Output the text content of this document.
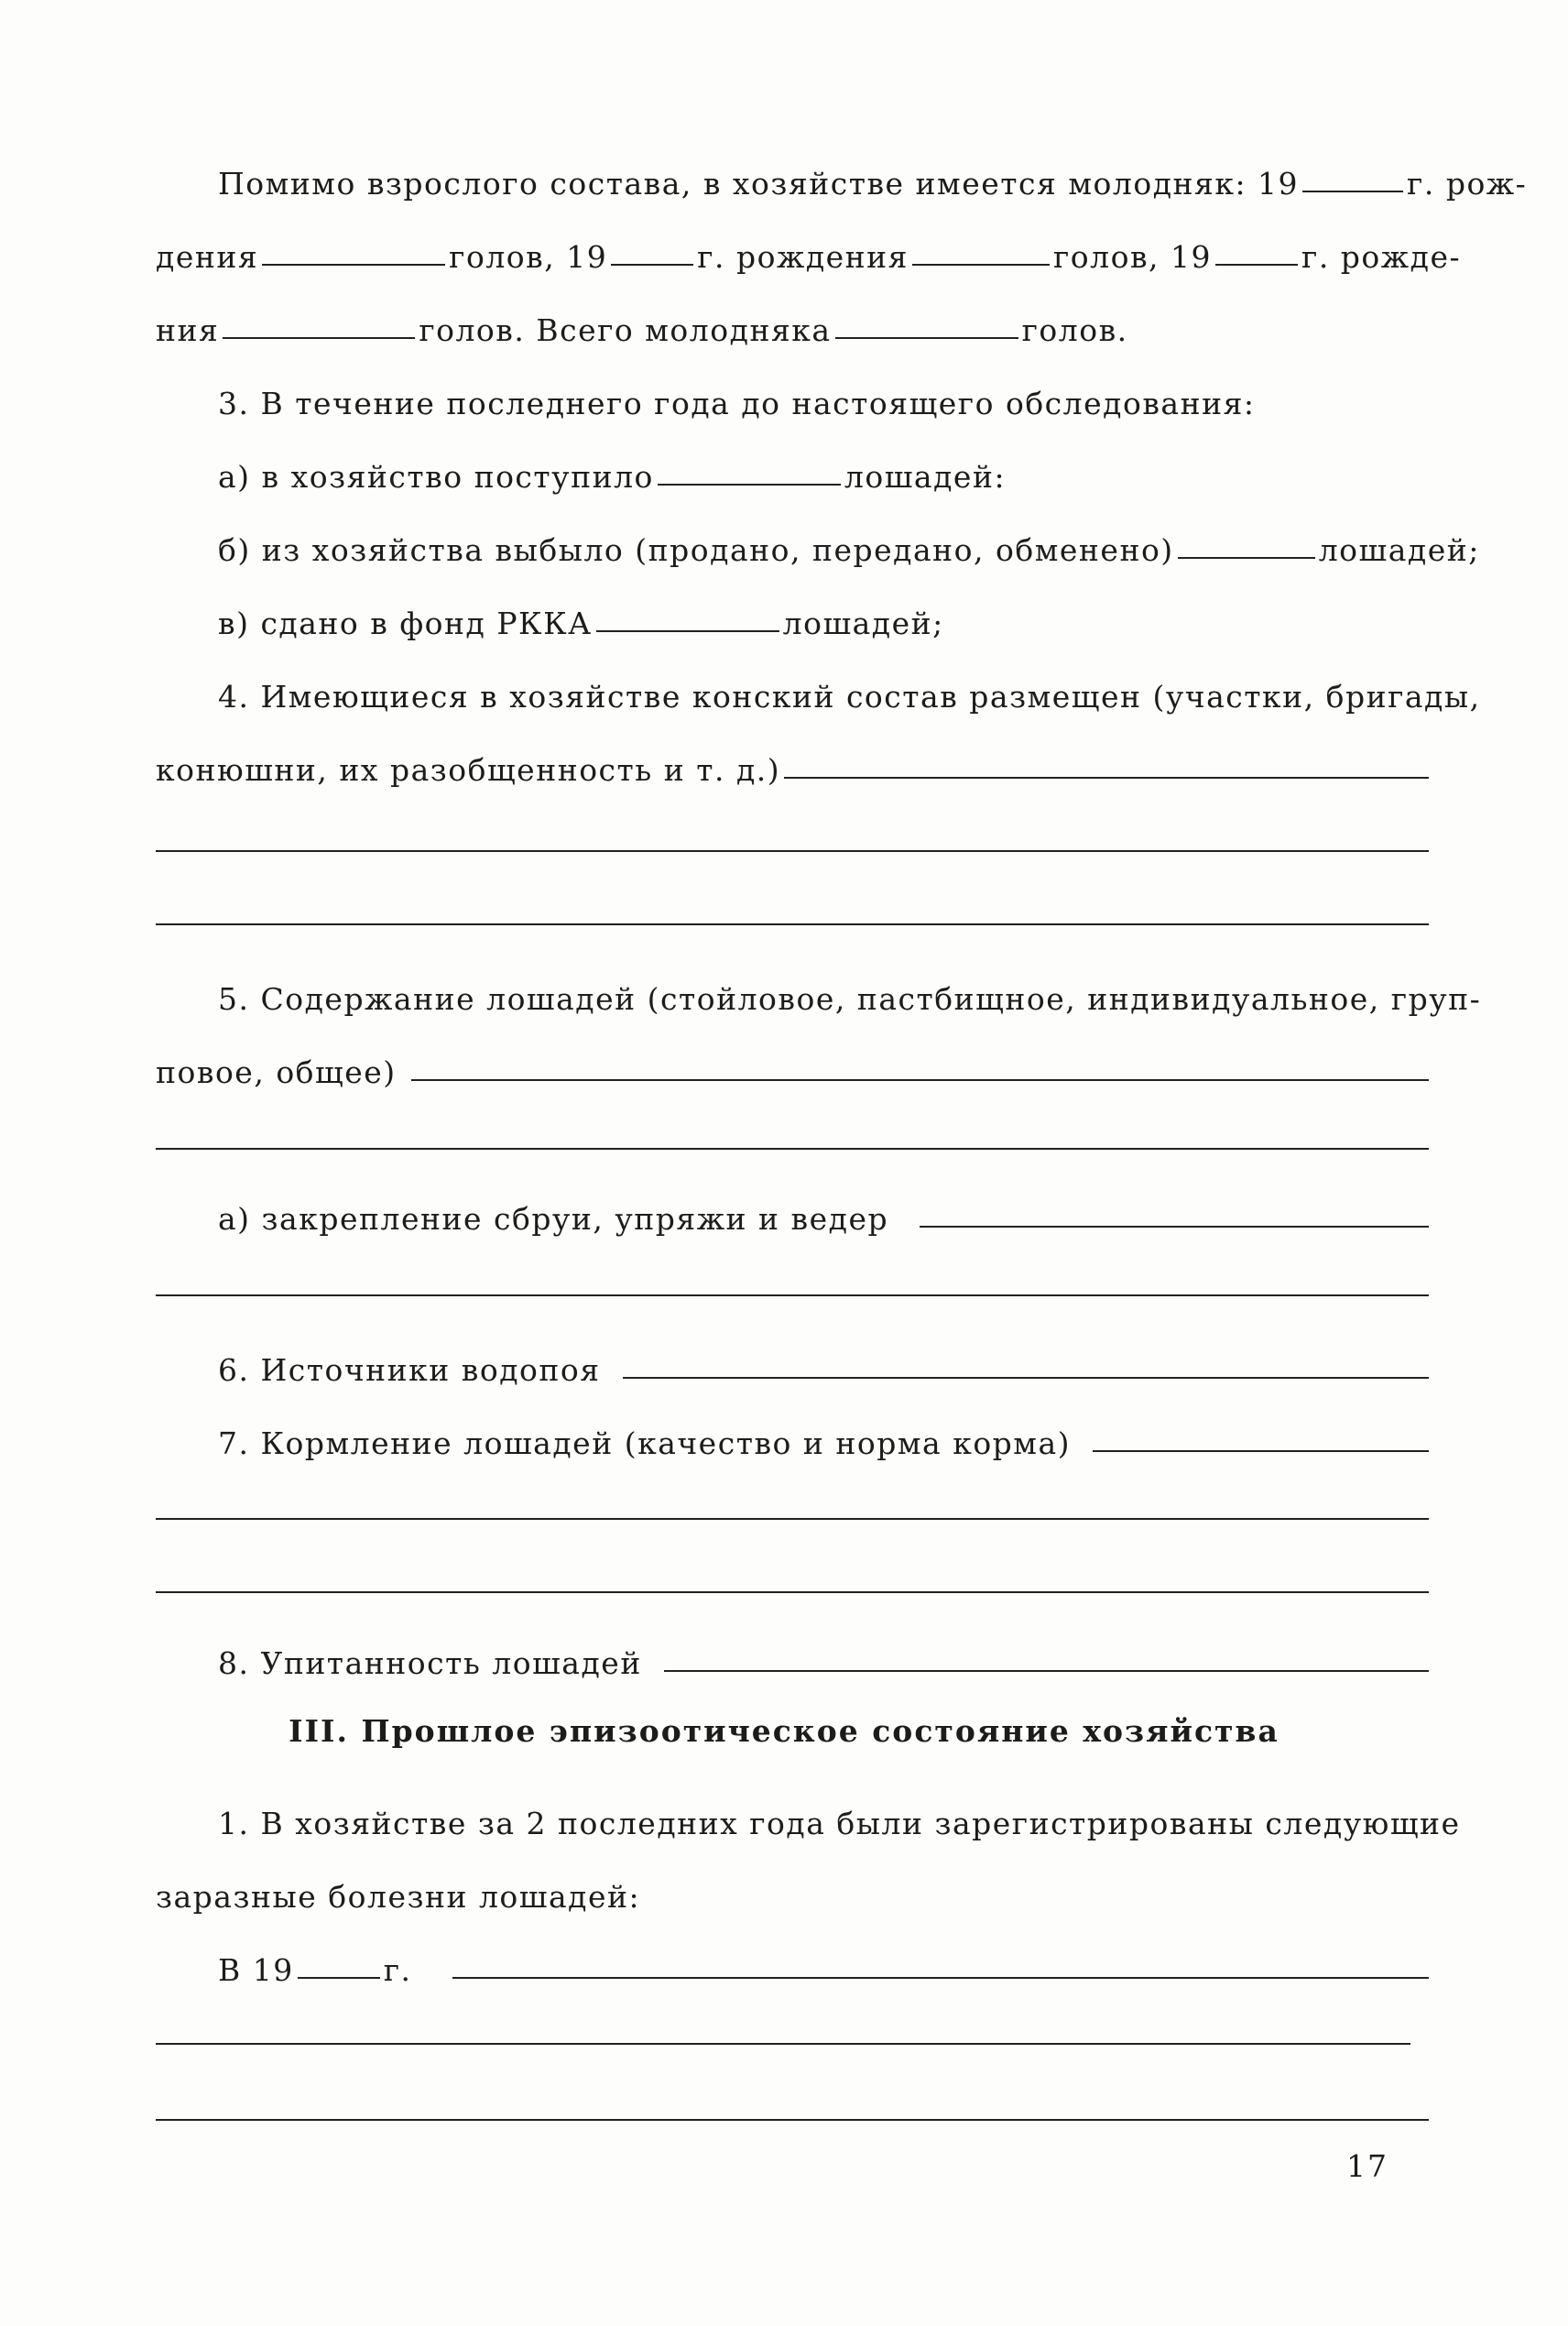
Помимо взрослого состава, в хозяйстве имеется молодняк: 19	г. рож-
дения	голов, 19	г. рождения	голов, 19	г. рожде-
ния	голов. Всего молодняка	голов.
3. В течение последнего года до настоящего обследования:
а) в хозяйство поступило	лошадей:
б) из хозяйства выбыло (продано, передано, обменено)	лошадей;
в) сдано в фонд РККА	лошадей;
4. Имеющиеся в хозяйстве конский состав размещен (участки, бригады,
конюшни, их разобщенность и т. д.)
5. Содержание лошадей (стойловое, пастбищное, индивидуальное, груп-
повое, общее)
а) закрепление сбруи, упряжи и ведер
6. Источники водопоя
7. Кормление лошадей (качество и норма корма)
8. Упитанность лошадей
III. Прошлое эпизоотическое состояние хозяйства
1. В хозяйстве за 2 последних года были зарегистрированы следующие
заразные болезни лошадей:
В 19	г.
17
